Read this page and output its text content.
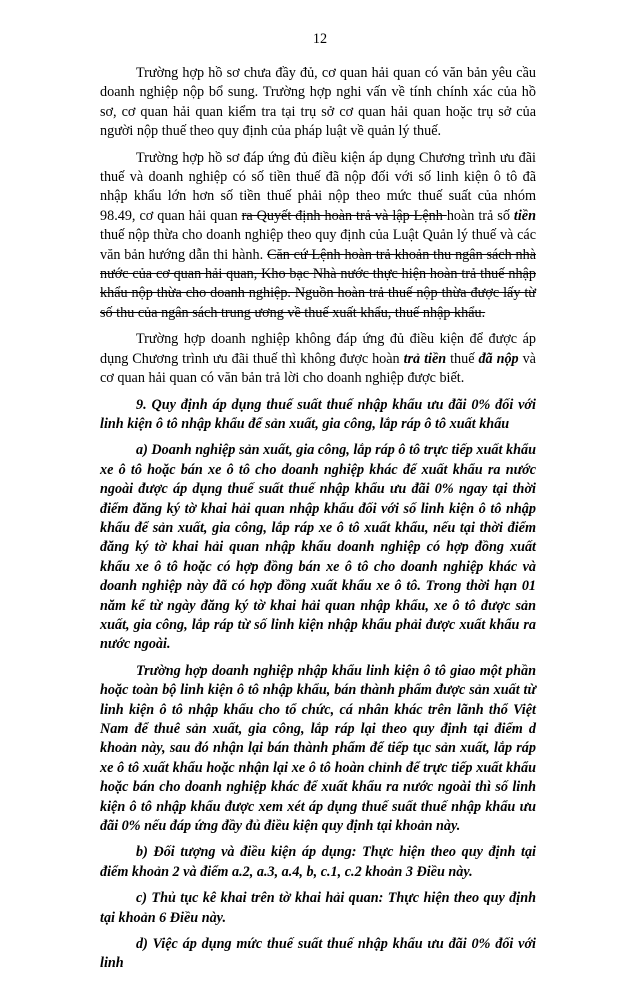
12

Trường hợp hồ sơ chưa đầy đủ, cơ quan hải quan có văn bản yêu cầu doanh nghiệp nộp bổ sung. Trường hợp nghi vấn về tính chính xác của hồ sơ, cơ quan hải quan kiểm tra tại trụ sở cơ quan hải quan hoặc trụ sở của người nộp thuế theo quy định của pháp luật về quản lý thuế.

Trường hợp hồ sơ đáp ứng đủ điều kiện áp dụng Chương trình ưu đãi thuế và doanh nghiệp có số tiền thuế đã nộp đối với số linh kiện ô tô đã nhập khẩu lớn hơn số tiền thuế phải nộp theo mức thuế suất của nhóm 98.49, cơ quan hải quan ra Quyết định hoàn trả và lập Lệnh hoàn trả số tiền thuế nộp thừa cho doanh nghiệp theo quy định của Luật Quản lý thuế và các văn bản hướng dẫn thi hành. Căn cứ Lệnh hoàn trả khoản thu ngân sách nhà nước của cơ quan hải quan, Kho bạc Nhà nước thực hiện hoàn trả thuế nhập khẩu nộp thừa cho doanh nghiệp. Nguồn hoàn trả thuế nộp thừa được lấy từ số thu của ngân sách trung ương về thuế xuất khẩu, thuế nhập khẩu.

Trường hợp doanh nghiệp không đáp ứng đủ điều kiện để được áp dụng Chương trình ưu đãi thuế thì không được hoàn trả tiền thuế đã nộp và cơ quan hải quan có văn bản trả lời cho doanh nghiệp được biết.

9. Quy định áp dụng thuế suất thuế nhập khẩu ưu đãi 0% đối với linh kiện ô tô nhập khẩu để sản xuất, gia công, lắp ráp ô tô xuất khẩu

a) Doanh nghiệp sản xuất, gia công, lắp ráp ô tô trực tiếp xuất khẩu xe ô tô hoặc bán xe ô tô cho doanh nghiệp khác để xuất khẩu ra nước ngoài được áp dụng thuế suất thuế nhập khẩu ưu đãi 0% ngay tại thời điểm đăng ký tờ khai hải quan nhập khẩu đối với số linh kiện ô tô nhập khẩu để sản xuất, gia công, lắp ráp xe ô tô xuất khẩu, nếu tại thời điểm đăng ký tờ khai hải quan nhập khẩu doanh nghiệp có hợp đồng xuất khẩu xe ô tô hoặc có hợp đồng bán xe ô tô cho doanh nghiệp khác và doanh nghiệp này đã có hợp đồng xuất khẩu xe ô tô. Trong thời hạn 01 năm kể từ ngày đăng ký tờ khai hải quan nhập khẩu, xe ô tô được sản xuất, gia công, lắp ráp từ số linh kiện nhập khẩu phải được xuất khẩu ra nước ngoài.

Trường hợp doanh nghiệp nhập khẩu linh kiện ô tô giao một phần hoặc toàn bộ linh kiện ô tô nhập khẩu, bán thành phẩm được sản xuất từ linh kiện ô tô nhập khẩu cho tổ chức, cá nhân khác trên lãnh thổ Việt Nam để thuê sản xuất, gia công, lắp ráp lại theo quy định tại điểm d khoản này, sau đó nhận lại bán thành phẩm để tiếp tục sản xuất, lắp ráp xe ô tô xuất khẩu hoặc nhận lại xe ô tô hoàn chỉnh để trực tiếp xuất khẩu hoặc bán cho doanh nghiệp khác để xuất khẩu ra nước ngoài thì số linh kiện ô tô nhập khẩu được xem xét áp dụng thuế suất thuế nhập khẩu ưu đãi 0% nếu đáp ứng đầy đủ điều kiện quy định tại khoản này.

b) Đối tượng và điều kiện áp dụng: Thực hiện theo quy định tại điểm khoản 2 và điểm a.2, a.3, a.4, b, c.1, c.2 khoản 3 Điều này.

c) Thủ tục kê khai trên tờ khai hải quan: Thực hiện theo quy định tại khoản 6 Điều này.

d) Việc áp dụng mức thuế suất thuế nhập khẩu ưu đãi 0% đối với linh
